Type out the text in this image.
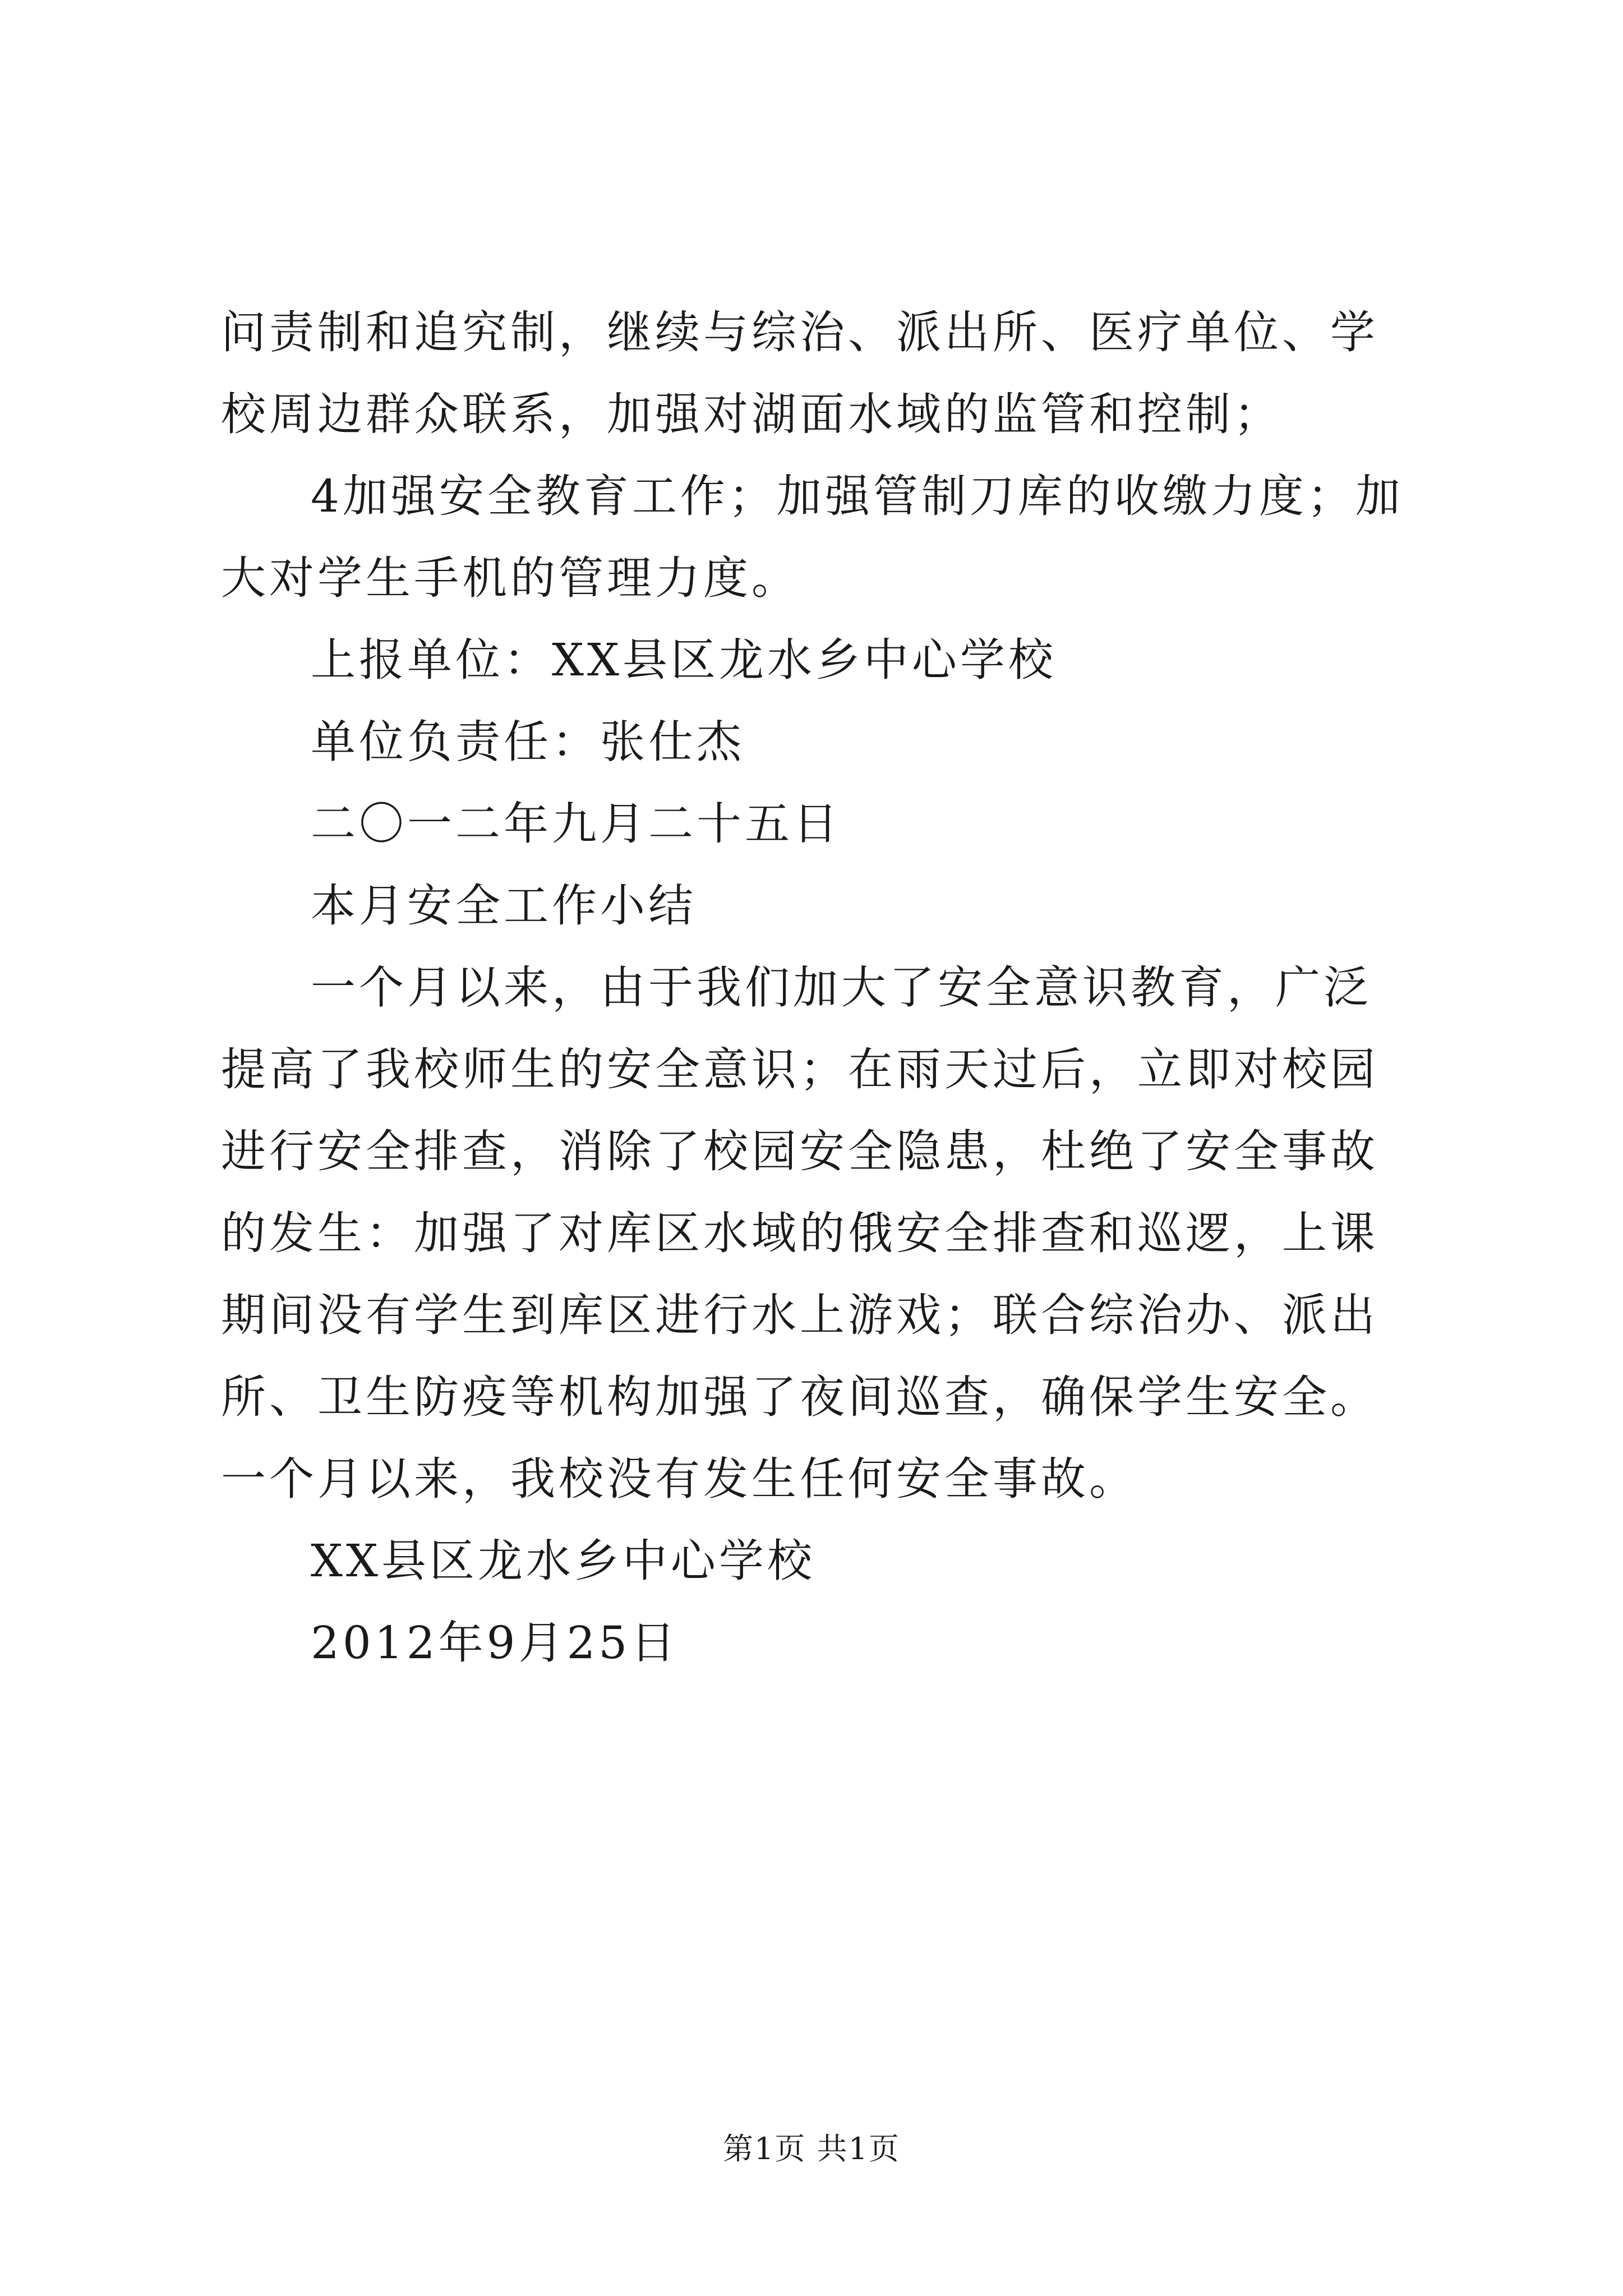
问责制和追究制，继续与综治、派出所、医疗单位、学校周边群众联系，加强对湖面水域的监管和控制；

4加强安全教育工作；加强管制刀库的收缴力度；加大对学生手机的管理力度。

上报单位：XX县区龙水乡中心学校

单位负责任：张仕杰

二〇一二年九月二十五日

本月安全工作小结

一个月以来，由于我们加大了安全意识教育，广泛提高了我校师生的安全意识；在雨天过后，立即对校园进行安全排查，消除了校园安全隐患，杜绝了安全事故的发生：加强了对库区水域的俄安全排查和巡逻，上课期间没有学生到库区进行水上游戏；联合综治办、派出所、卫生防疫等机构加强了夜间巡查，确保学生安全。一个月以来，我校没有发生任何安全事故。

XX县区龙水乡中心学校

2012年9月25日

第1页 共1页
